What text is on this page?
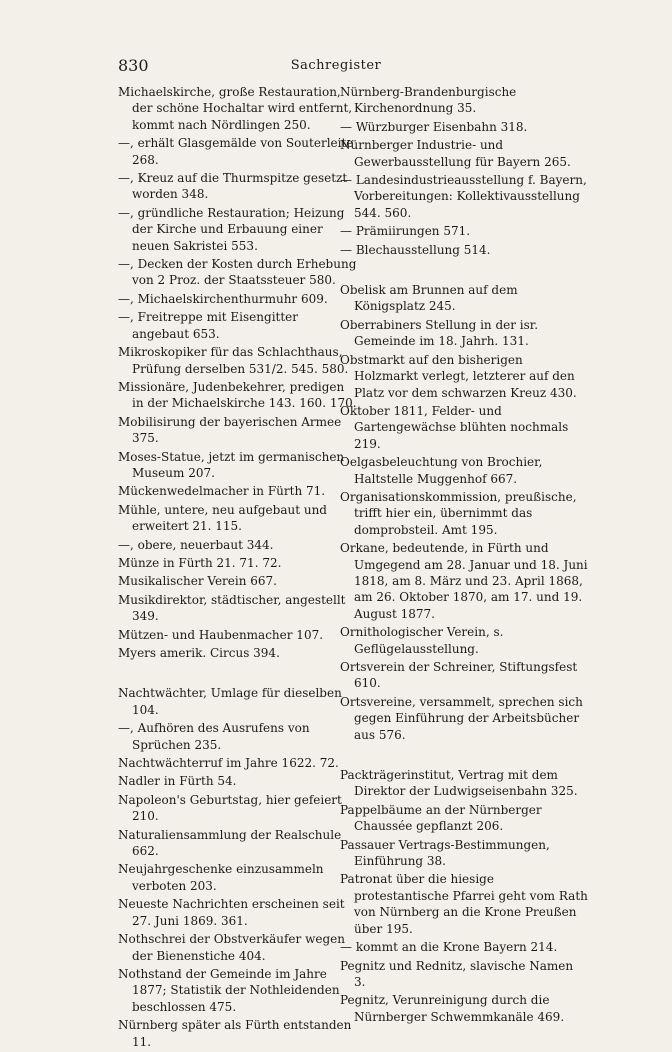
830	Sachregister
Michaelskirche, große Restauration, der schöne Hochaltar wird entfernt, kommt nach Nördlingen 250.
—, erhält Glasgemälde von Souterleite 268.
—, Kreuz auf die Thurmspitze gesetzt worden 348.
—, gründliche Restauration; Heizung der Kirche und Erbauung einer neuen Sakristei 553.
—, Decken der Kosten durch Erhebung von 2 Proz. der Staatssteuer 580.
—, Michaelskirchenthurmuhr 609.
—, Freitreppe mit Eisengitter angebaut 653.
Mikroskopiker für das Schlachthaus, Prüfung derselben 531/2. 545. 580.
Missionäre, Judenbekehrer, predigen in der Michaelskirche 143. 160. 170.
Mobilisirung der bayerischen Armee 375.
Moses-Statue, jetzt im germanischen Museum 207.
Mückenwedelmacher in Fürth 71.
Mühle, untere, neu aufgebaut und erweitert 21. 115.
—, obere, neuerbaut 344.
Münze in Fürth 21. 71. 72.
Musikalischer Verein 667.
Musikdirektor, städtischer, angestellt 349.
Mützen- und Haubenmacher 107.
Myers amerik. Circus 394.
Nachtwächter, Umlage für dieselben 104.
—, Aufhören des Ausrufens von Sprüchen 235.
Nachtwächterruf im Jahre 1622. 72.
Nadler in Fürth 54.
Napoleon's Geburtstag, hier gefeiert 210.
Naturaliensammlung der Realschule 662.
Neujahrgeschenke einzusammeln verboten 203.
Neueste Nachrichten erscheinen seit 27. Juni 1869. 361.
Nothschrei der Obstverkäufer wegen der Bienenstiche 404.
Nothstand der Gemeinde im Jahre 1877; Statistik der Nothleidenden beschlossen 475.
Nürnberg später als Fürth entstanden 11.
Nürnberg-Brandenburgische Kirchenordnung 35.
— Würzburger Eisenbahn 318.
Nürnberger Industrie- und Gewerbausstellung für Bayern 265.
— Landesindustrieausstellung f. Bayern, Vorbereitungen: Kollektivausstellung 544. 560.
— Prämiirungen 571.
— Blechausstellung 514.
Obelisk am Brunnen auf dem Königsplatz 245.
Oberrabiners Stellung in der isr. Gemeinde im 18. Jahrh. 131.
Obstmarkt auf den bisherigen Holzmarkt verlegt, letzterer auf den Platz vor dem schwarzen Kreuz 430.
Oktober 1811, Felder- und Gartengewächse blühten nochmals 219.
Oelgasbeleuchtung von Brochier, Haltstelle Muggenhof 667.
Organisationskommission, preußische, trifft hier ein, übernimmt das domprobsteil. Amt 195.
Orkane, bedeutende, in Fürth und Umgegend am 28. Januar und 18. Juni 1818, am 8. März und 23. April 1868, am 26. Oktober 1870, am 17. und 19. August 1877.
Ornithologischer Verein, s. Geflügelausstellung.
Ortsverein der Schreiner, Stiftungsfest 610.
Ortsvereine, versammelt, sprechen sich gegen Einführung der Arbeitsbücher aus 576.
Packträgerinstitut, Vertrag mit dem Direktor der Ludwigseisenbahn 325.
Pappelbäume an der Nürnberger Chaussée gepflanzt 206.
Passauer Vertrags-Bestimmungen, Einführung 38.
Patronat über die hiesige protestantische Pfarrei geht vom Rath von Nürnberg an die Krone Preußen über 195.
— kommt an die Krone Bayern 214.
Pegnitz und Rednitz, slavische Namen 3.
Pegnitz, Verunreinigung durch die Nürnberger Schwemmkanäle 469.
